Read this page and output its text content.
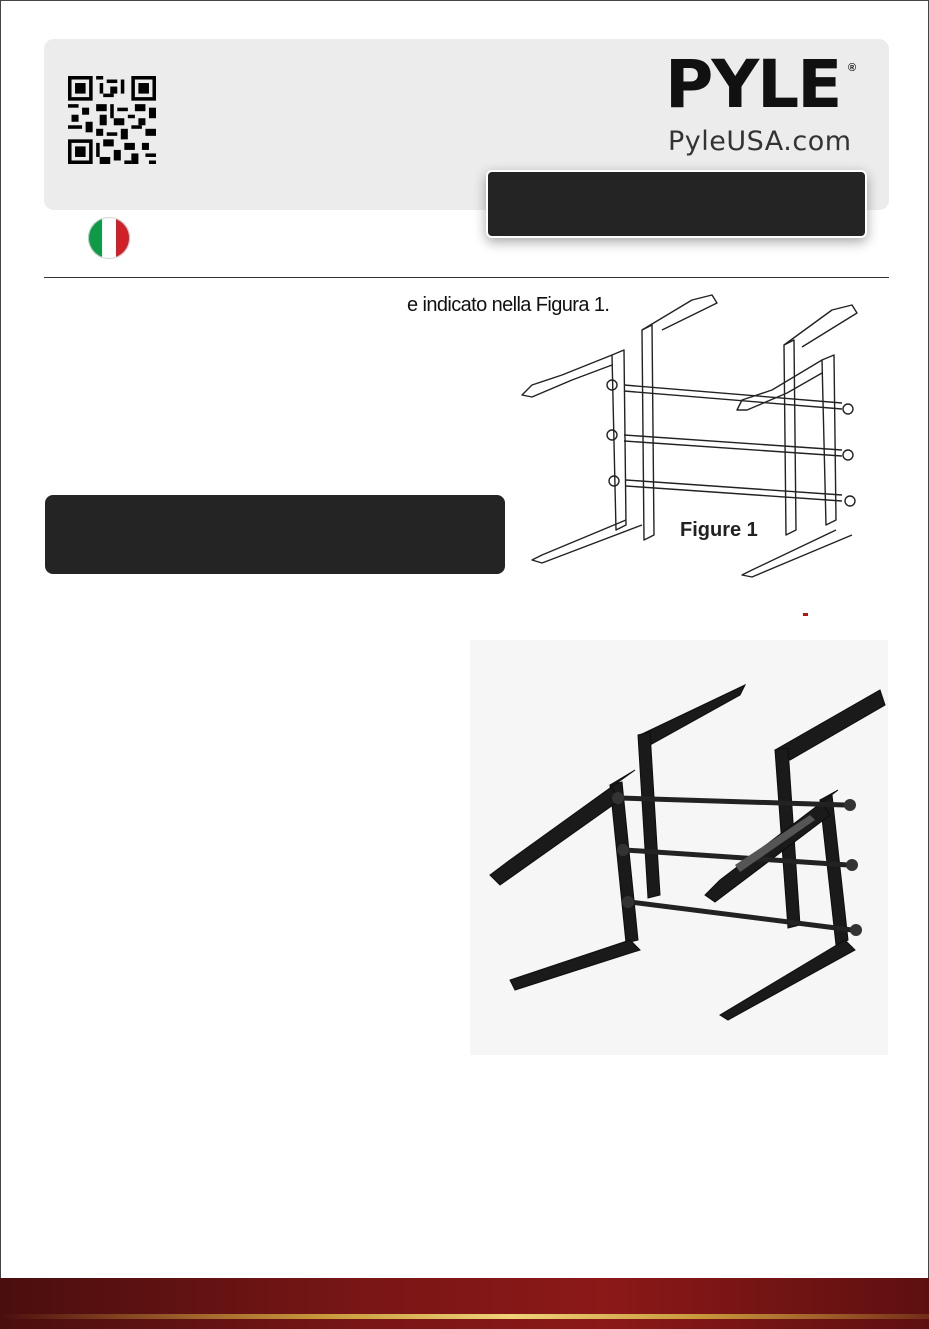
PYLE ®
PyleUSA.com
e indicato nella Figura 1.
Figure 1
